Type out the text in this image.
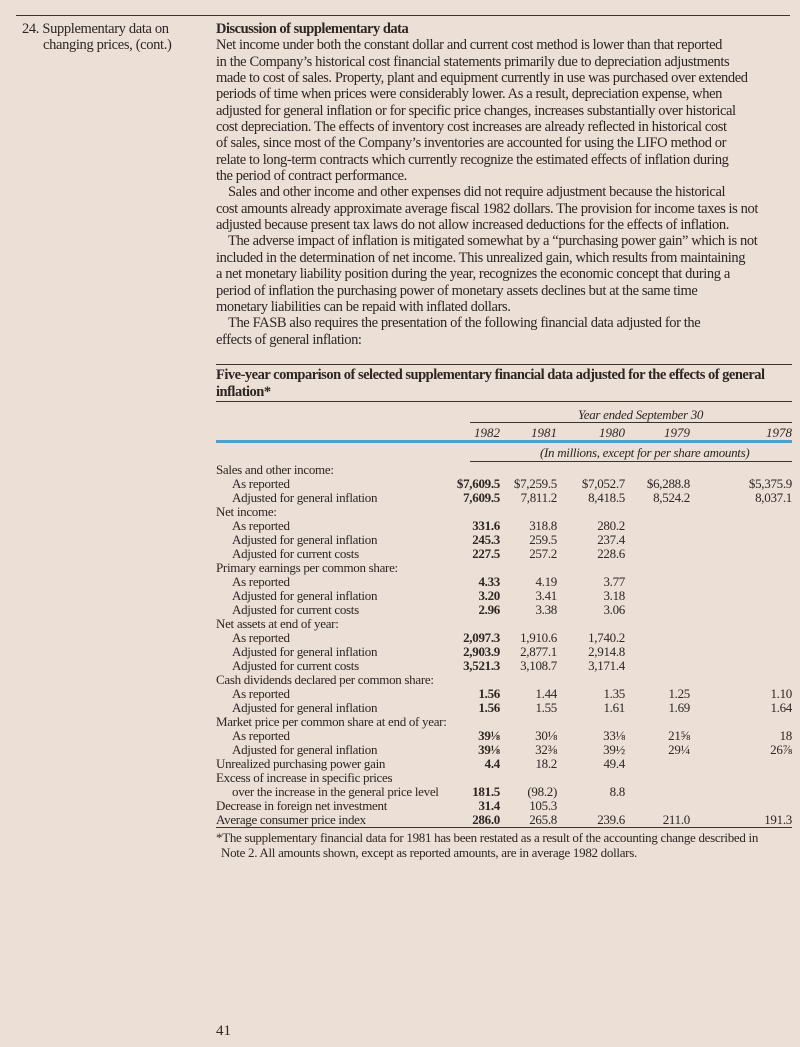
24. Supplementary data on
changing prices, (cont.)
Discussion of supplementary data
Net income under both the constant dollar and current cost method is lower than that reported
in the Company’s historical cost financial statements primarily due to depreciation adjustments
made to cost of sales. Property, plant and equipment currently in use was purchased over extended
periods of time when prices were considerably lower. As a result, depreciation expense, when
adjusted for general inflation or for specific price changes, increases substantially over historical
cost depreciation. The effects of inventory cost increases are already reflected in historical cost
of sales, since most of the Company’s inventories are accounted for using the LIFO method or
relate to long-term contracts which currently recognize the estimated effects of inflation during
the period of contract performance.
Sales and other income and other expenses did not require adjustment because the historical
cost amounts already approximate average fiscal 1982 dollars. The provision for income taxes is not
adjusted because present tax laws do not allow increased deductions for the effects of inflation.
The adverse impact of inflation is mitigated somewhat by a “purchasing power gain” which is not
included in the determination of net income. This unrealized gain, which results from maintaining
a net monetary liability position during the year, recognizes the economic concept that during a
period of inflation the purchasing power of monetary assets declines but at the same time
monetary liabilities can be repaid with inflated dollars.
The FASB also requires the presentation of the following financial data adjusted for the
effects of general inflation:
Five-year comparison of selected supplementary financial data adjusted for the effects of general inflation*
Year ended September 30
1982	1981	1980	1979	1978
(In millions, except for per share amounts)
Sales and other income:
As reported	$7,609.5	$7,259.5	$7,052.7	$6,288.8	$5,375.9
Adjusted for general inflation	7,609.5	7,811.2	8,418.5	8,524.2	8,037.1
Net income:
As reported	331.6	318.8	280.2
Adjusted for general inflation	245.3	259.5	237.4
Adjusted for current costs	227.5	257.2	228.6
Primary earnings per common share:
As reported	4.33	4.19	3.77
Adjusted for general inflation	3.20	3.41	3.18
Adjusted for current costs	2.96	3.38	3.06
Net assets at end of year:
As reported	2,097.3	1,910.6	1,740.2
Adjusted for general inflation	2,903.9	2,877.1	2,914.8
Adjusted for current costs	3,521.3	3,108.7	3,171.4
Cash dividends declared per common share:
As reported	1.56	1.44	1.35	1.25	1.10
Adjusted for general inflation	1.56	1.55	1.61	1.69	1.64
Market price per common share at end of year:
As reported	39⅛	30⅛	33⅛	21⅝	18
Adjusted for general inflation	39⅛	32⅜	39½	29¼	26⅞
Unrealized purchasing power gain	4.4	18.2	49.4
Excess of increase in specific prices
over the increase in the general price level	181.5	(98.2)	8.8
Decrease in foreign net investment	31.4	105.3
Average consumer price index	286.0	265.8	239.6	211.0	191.3
*The supplementary financial data for 1981 has been restated as a result of the accounting change described in
Note 2. All amounts shown, except as reported amounts, are in average 1982 dollars.
41
